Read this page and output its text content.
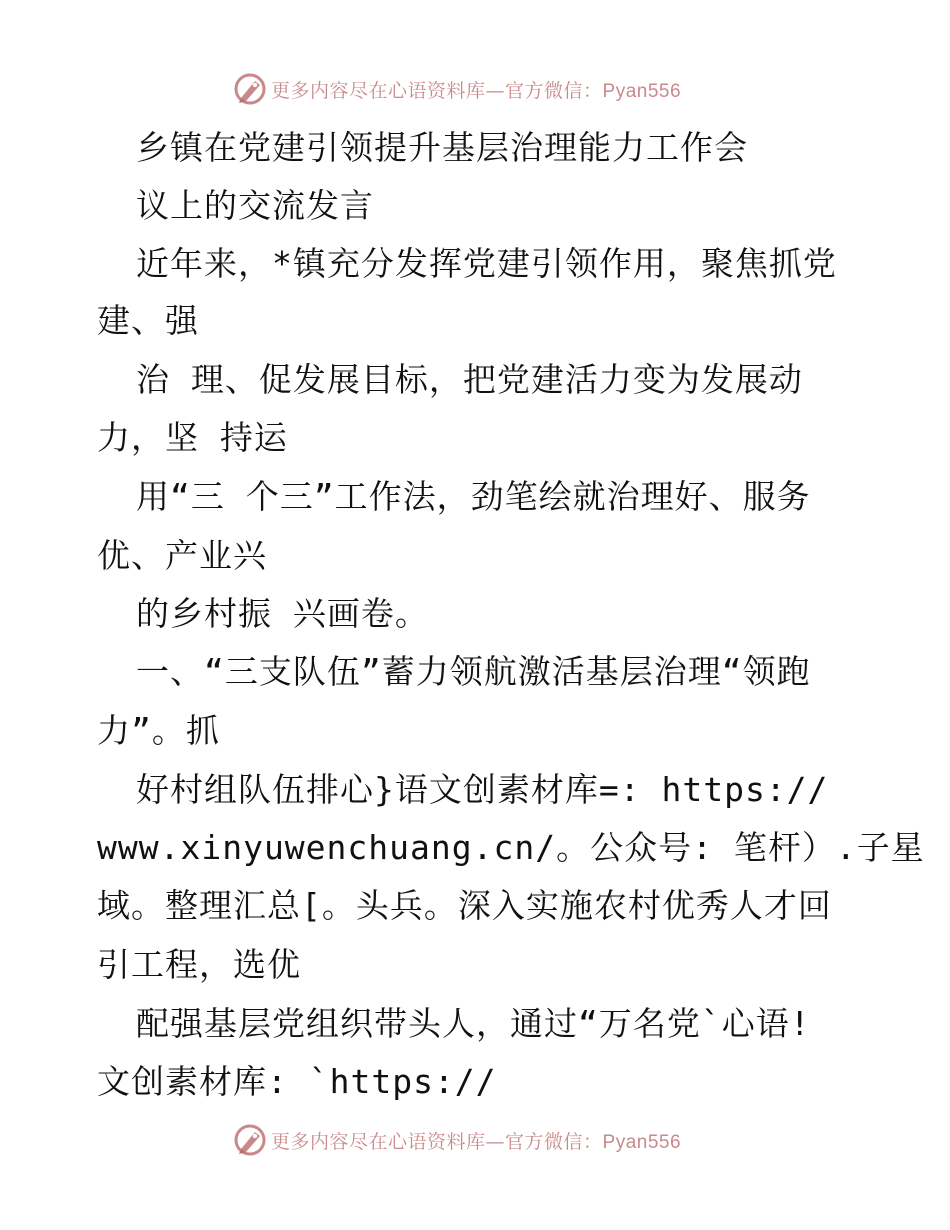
更多内容尽在心语资料库—官方微信：Pyan556
乡镇在党建引领提升基层治理能力工作会
议上的交流发言
近年来，*镇充分发挥党建引领作用，聚焦抓党
建、强
治 理、促发展目标，把党建活力变为发展动
力，坚 持运
用“三 个三”工作法，劲笔绘就治理好、服务
优、产业兴
的乡村振 兴画卷。
一、“三支队伍”蓄力领航激活基层治理“领跑
力”。抓
好村组队伍排心}语文创素材库=: https://
www.xinyuwenchuang.cn/。公众号: 笔杆）.子星
域。整理汇总[。头兵。深入实施农村优秀人才回
引工程，选优
配强基层党组织带头人，通过“万名党`心语!
文创素材库: `https://
更多内容尽在心语资料库—官方微信：Pyan556
